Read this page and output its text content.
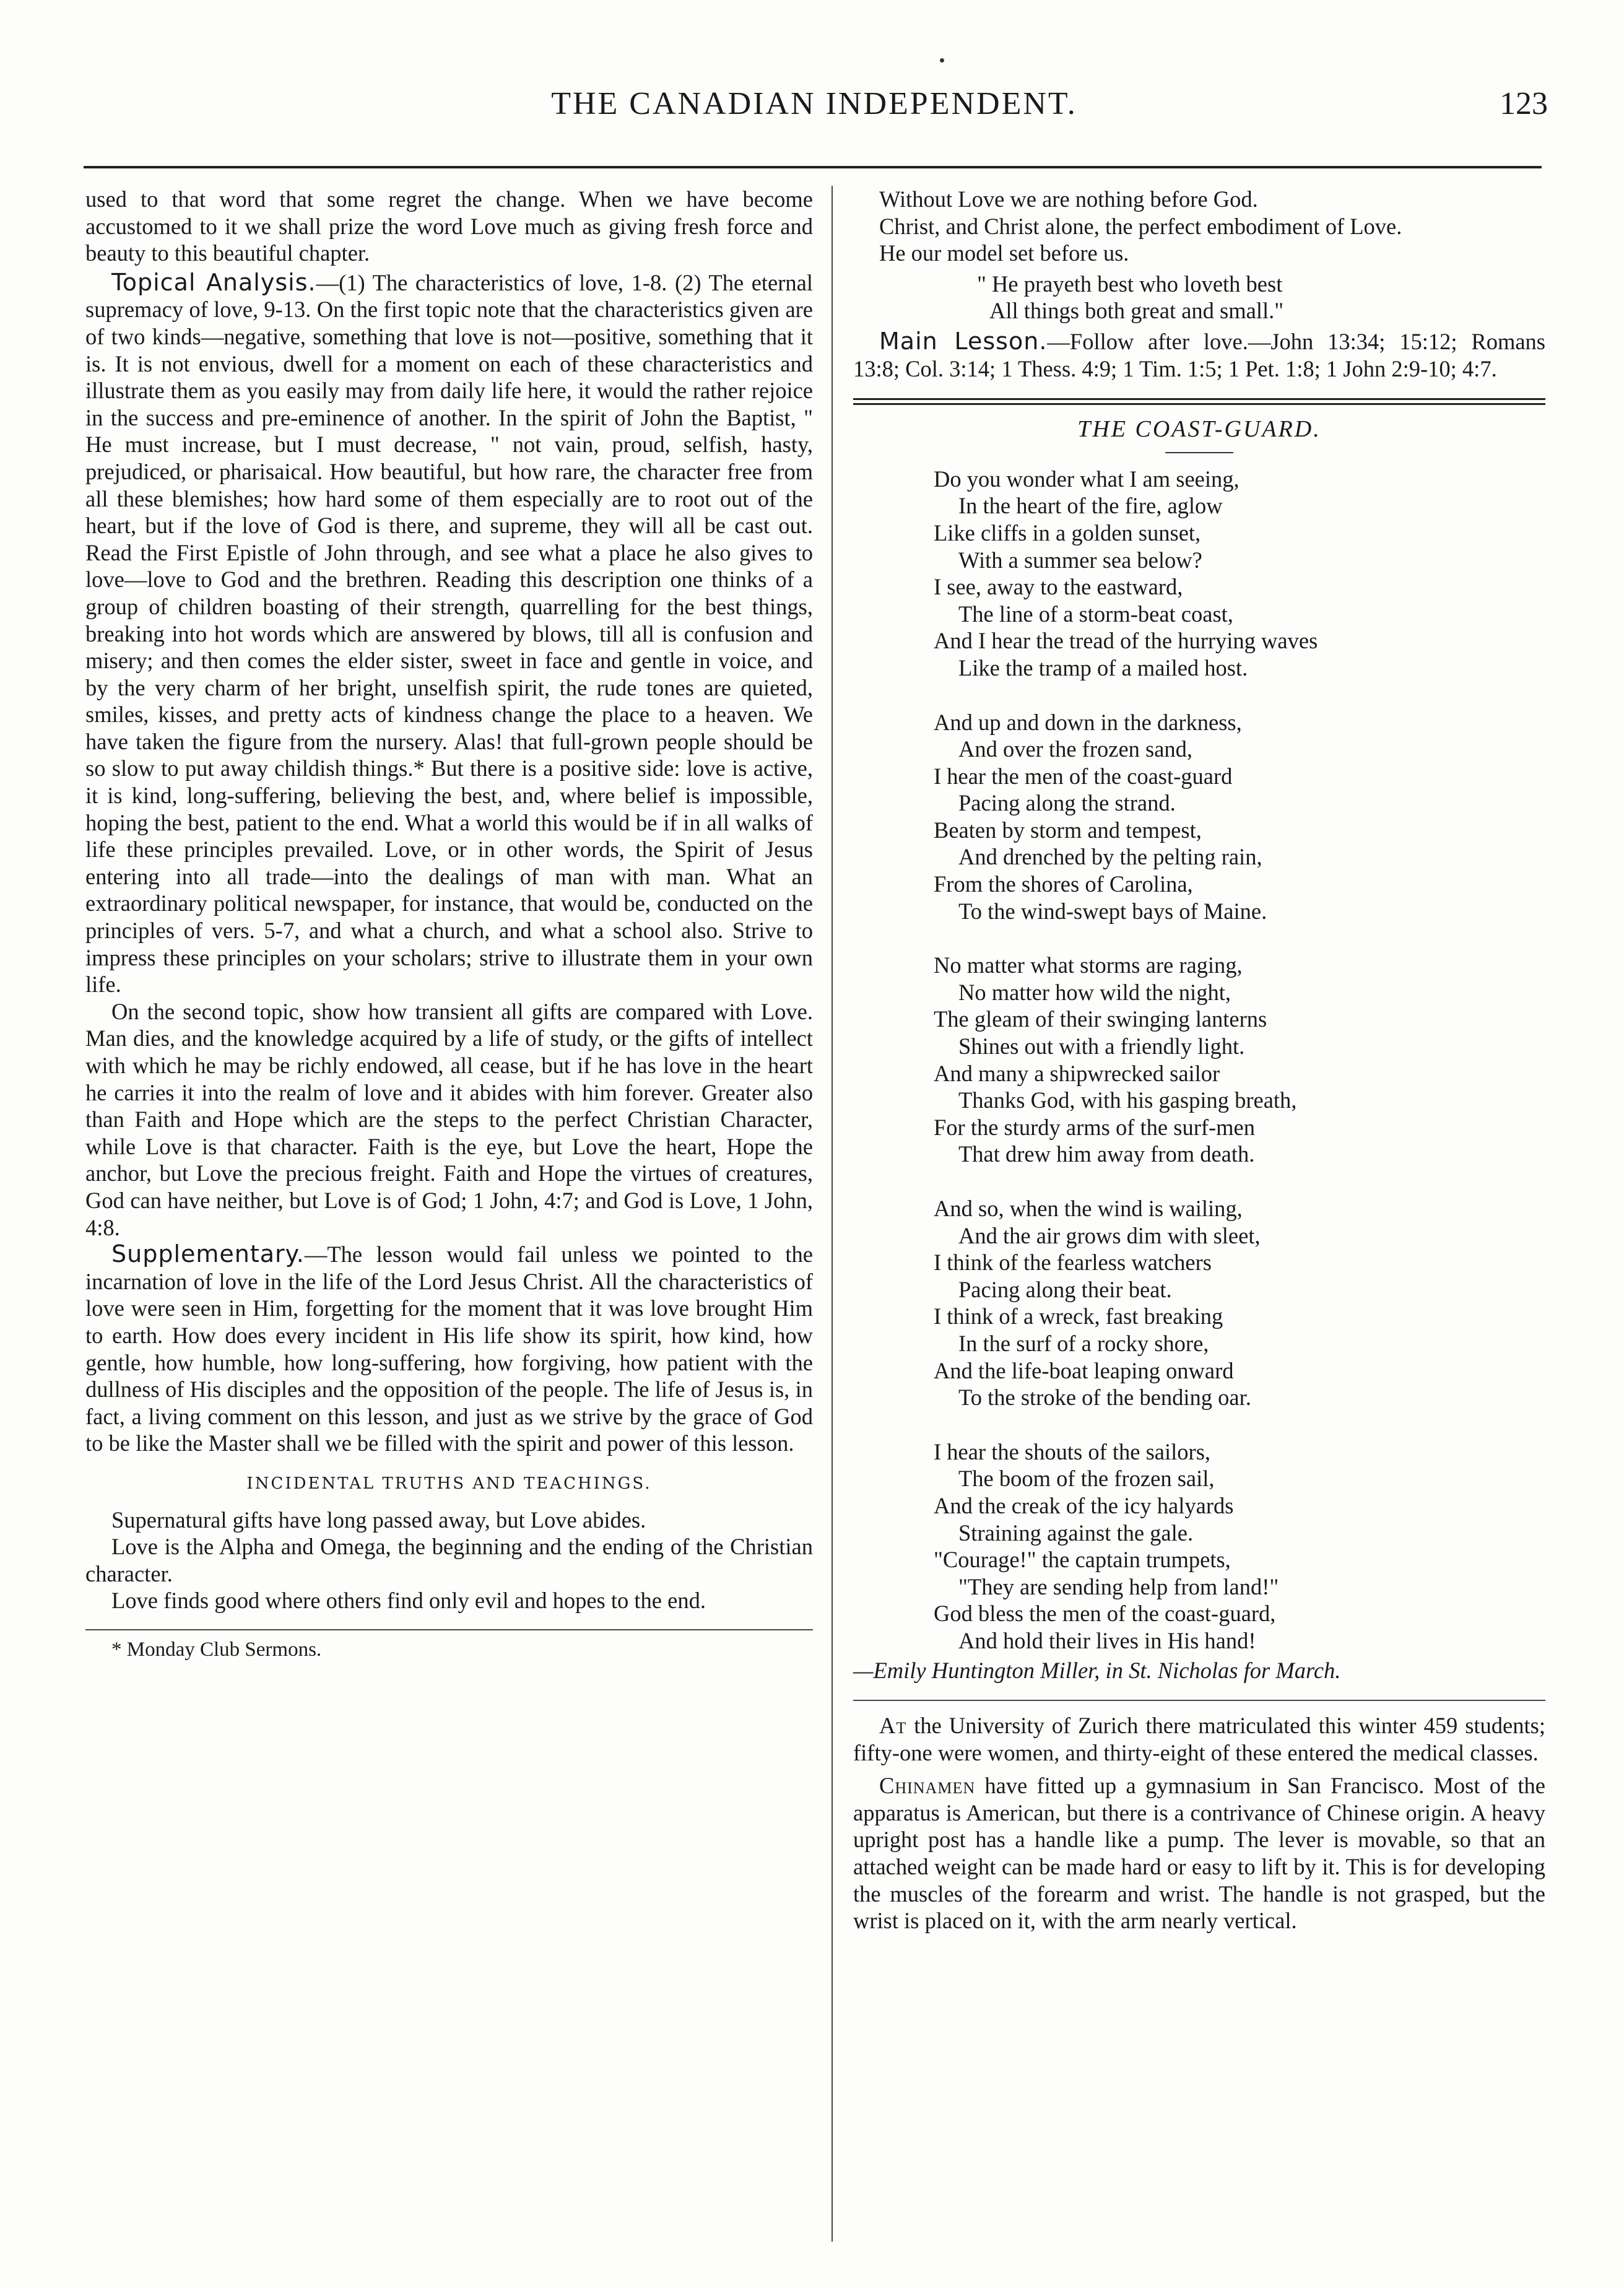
THE CANADIAN INDEPENDENT.	123

used to that word that some regret the change. When we have become accustomed to it we shall prize the word Love much as giving fresh force and beauty to this beautiful chapter.

Topical Analysis.—(1) The characteristics of love, 1-8. (2) The eternal supremacy of love, 9-13. On the first topic note that the characteristics given are of two kinds—negative, something that love is not—positive, something that it is. It is not envious, dwell for a moment on each of these characteristics and illustrate them as you easily may from daily life here, it would the rather rejoice in the success and pre-eminence of another. In the spirit of John the Baptist, " He must increase, but I must decrease, " not vain, proud, selfish, hasty, prejudiced, or pharisaical. How beautiful, but how rare, the character free from all these blemishes; how hard some of them especially are to root out of the heart, but if the love of God is there, and supreme, they will all be cast out. Read the First Epistle of John through, and see what a place he also gives to love—love to God and the brethren. Reading this description one thinks of a group of children boasting of their strength, quarrelling for the best things, breaking into hot words which are answered by blows, till all is confusion and misery; and then comes the elder sister, sweet in face and gentle in voice, and by the very charm of her bright, unselfish spirit, the rude tones are quieted, smiles, kisses, and pretty acts of kindness change the place to a heaven. We have taken the figure from the nursery. Alas! that full-grown people should be so slow to put away childish things.* But there is a positive side: love is active, it is kind, long-suffering, believing the best, and, where belief is impossible, hoping the best, patient to the end. What a world this would be if in all walks of life these principles prevailed. Love, or in other words, the Spirit of Jesus entering into all trade—into the dealings of man with man. What an extraordinary political newspaper, for instance, that would be, conducted on the principles of vers. 5-7, and what a church, and what a school also. Strive to impress these principles on your scholars; strive to illustrate them in your own life.

On the second topic, show how transient all gifts are compared with Love. Man dies, and the knowledge acquired by a life of study, or the gifts of intellect with which he may be richly endowed, all cease, but if he has love in the heart he carries it into the realm of love and it abides with him forever. Greater also than Faith and Hope which are the steps to the perfect Christian Character, while Love is that character. Faith is the eye, but Love the heart, Hope the anchor, but Love the precious freight. Faith and Hope the virtues of creatures, God can have neither, but Love is of God; 1 John, 4:7; and God is Love, 1 John, 4:8.

Supplementary.—The lesson would fail unless we pointed to the incarnation of love in the life of the Lord Jesus Christ. All the characteristics of love were seen in Him, forgetting for the moment that it was love brought Him to earth. How does every incident in His life show its spirit, how kind, how gentle, how humble, how long-suffering, how forgiving, how patient with the dullness of His disciples and the opposition of the people. The life of Jesus is, in fact, a living comment on this lesson, and just as we strive by the grace of God to be like the Master shall we be filled with the spirit and power of this lesson.

INCIDENTAL TRUTHS AND TEACHINGS.

Supernatural gifts have long passed away, but Love abides.

Love is the Alpha and Omega, the beginning and the ending of the Christian character.

Love finds good where others find only evil and hopes to the end.

* Monday Club Sermons.

Without Love we are nothing before God.

Christ, and Christ alone, the perfect embodiment of Love.

He our model set before us.

" He prayeth best who loveth best
All things both great and small."

Main Lesson.—Follow after love.—John 13:34; 15:12; Romans 13:8; Col. 3:14; 1 Thess. 4:9; 1 Tim. 1:5; 1 Pet. 1:8; 1 John 2:9-10; 4:7.

THE COAST-GUARD.
Do you wonder what I am seeing,
In the heart of the fire, aglow
Like cliffs in a golden sunset,
With a summer sea below?
I see, away to the eastward,
The line of a storm-beat coast,
And I hear the tread of the hurrying waves
Like the tramp of a mailed host.
And up and down in the darkness,
And over the frozen sand,
I hear the men of the coast-guard
Pacing along the strand.
Beaten by storm and tempest,
And drenched by the pelting rain,
From the shores of Carolina,
To the wind-swept bays of Maine.
No matter what storms are raging,
No matter how wild the night,
The gleam of their swinging lanterns
Shines out with a friendly light.
And many a shipwrecked sailor
Thanks God, with his gasping breath,
For the sturdy arms of the surf-men
That drew him away from death.
And so, when the wind is wailing,
And the air grows dim with sleet,
I think of the fearless watchers
Pacing along their beat.
I think of a wreck, fast breaking
In the surf of a rocky shore,
And the life-boat leaping onward
To the stroke of the bending oar.
I hear the shouts of the sailors,
The boom of the frozen sail,
And the creak of the icy halyards
Straining against the gale.
"Courage!" the captain trumpets,
"They are sending help from land!"
God bless the men of the coast-guard,
And hold their lives in His hand!
—Emily Huntington Miller, in St. Nicholas for March.

At the University of Zurich there matriculated this winter 459 students; fifty-one were women, and thirty-eight of these entered the medical classes.

Chinamen have fitted up a gymnasium in San Francisco. Most of the apparatus is American, but there is a contrivance of Chinese origin. A heavy upright post has a handle like a pump. The lever is movable, so that an attached weight can be made hard or easy to lift by it. This is for developing the muscles of the forearm and wrist. The handle is not grasped, but the wrist is placed on it, with the arm nearly vertical.
